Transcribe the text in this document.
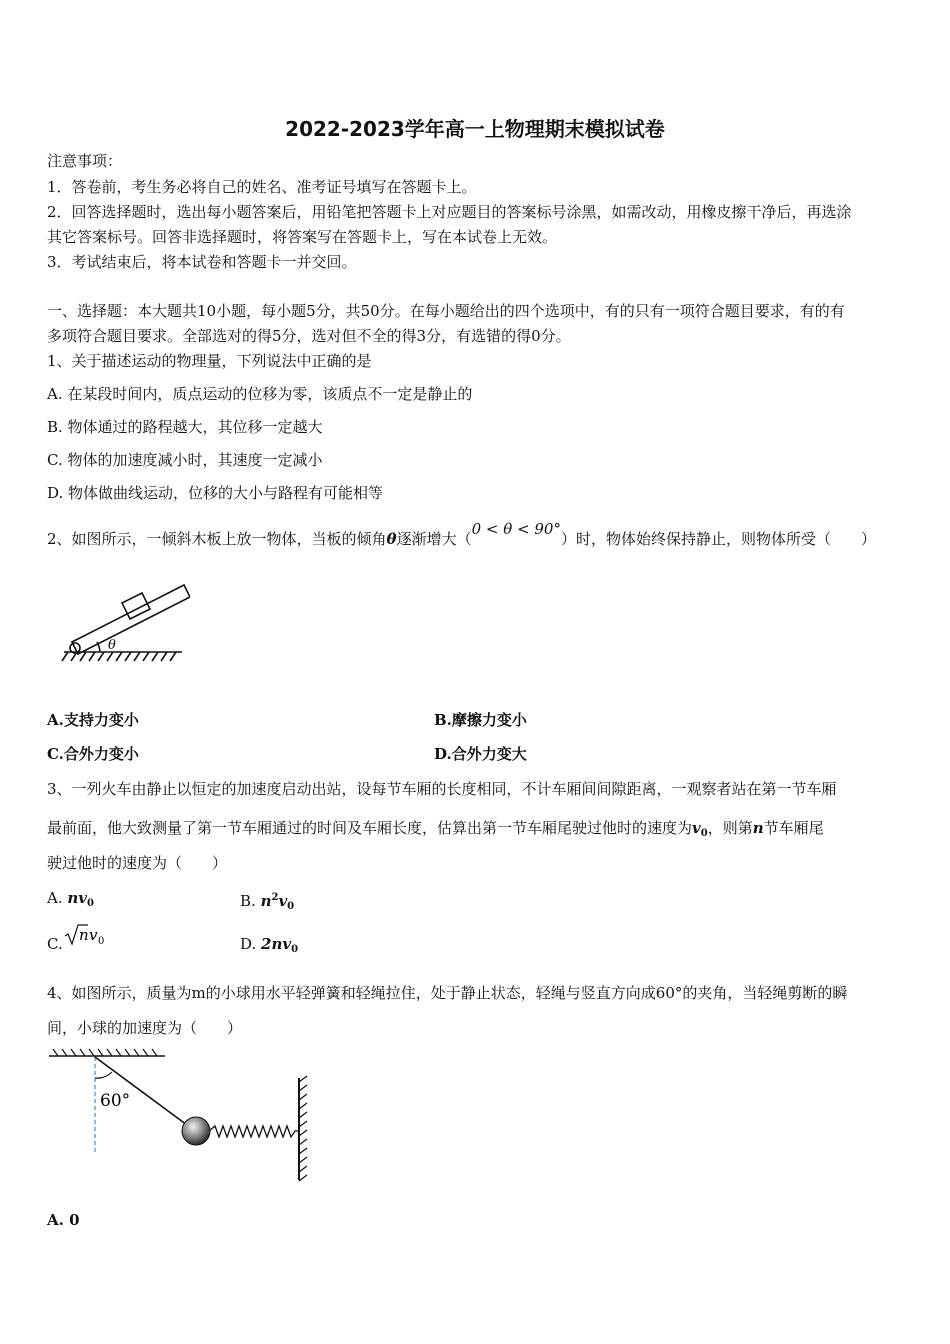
2022-2023学年高一上物理期末模拟试卷
注意事项：
1．答卷前，考生务必将自己的姓名、准考证号填写在答题卡上。
2．回答选择题时，选出每小题答案后，用铅笔把答题卡上对应题目的答案标号涂黑，如需改动，用橡皮擦干净后，再选涂
其它答案标号。回答非选择题时，将答案写在答题卡上，写在本试卷上无效。
3．考试结束后，将本试卷和答题卡一并交回。
一、选择题：本大题共10小题，每小题5分，共50分。在每小题给出的四个选项中，有的只有一项符合题目要求，有的有
多项符合题目要求。全部选对的得5分，选对但不全的得3分，有选错的得0分。
1、关于描述运动的物理量，下列说法中正确的是
A. 在某段时间内，质点运动的位移为零，该质点不一定是静止的
B. 物体通过的路程越大，其位移一定越大
C. 物体的加速度减小时，其速度一定减小
D. 物体做曲线运动，位移的大小与路程有可能相等
2、如图所示，一倾斜木板上放一物体，当板的倾角θ逐渐增大（0 < θ < 90°）时，物体始终保持静止，则物体所受（　　）
θ
A.支持力变小	B.摩擦力变小
C.合外力变小	D.合外力变大
3、一列火车由静止以恒定的加速度启动出站，设每节车厢的长度相同，不计车厢间间隙距离，一观察者站在第一节车厢
最前面，他大致测量了第一节车厢通过的时间及车厢长度，估算出第一节车厢尾驶过他时的速度为$v_0$，则第n节车厢尾
驶过他时的速度为（　　）
A. $nv_0$	B. $n^2v_0$
C. n v 0	D. $2nv_0$
4、如图所示，质量为m的小球用水平轻弹簧和轻绳拉住，处于静止状态，轻绳与竖直方向成60°的夹角，当轻绳剪断的瞬
间，小球的加速度为（　　）
60°
A. 0
